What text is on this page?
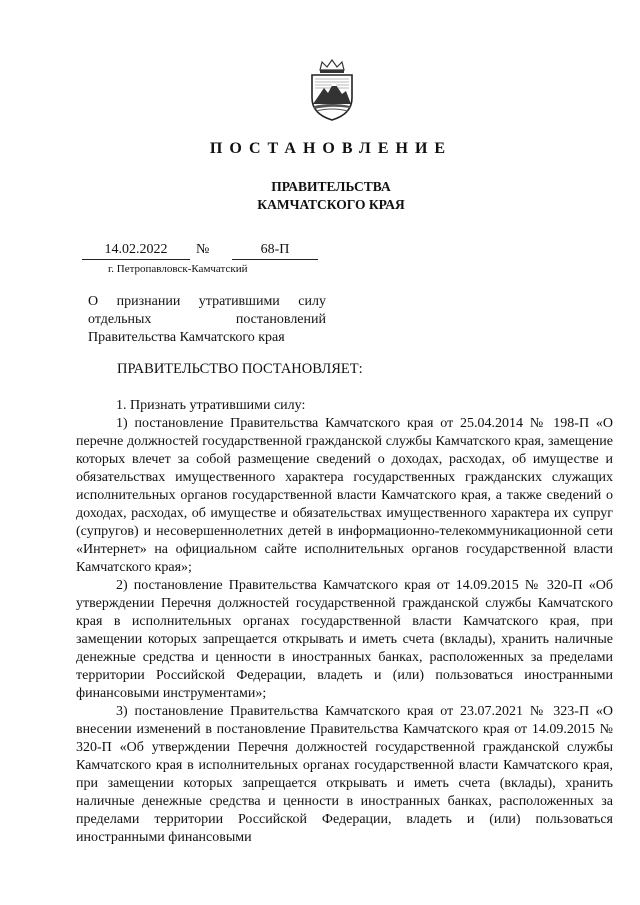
ПОСТАНОВЛЕНИЕ
ПРАВИТЕЛЬСТВА
КАМЧАТСКОГО КРАЯ
14.02.2022	№	68-П
г. Петропавловск-Камчатский
О признании утратившими силу отдельных постановлений Правительства Камчатского края
ПРАВИТЕЛЬСТВО ПОСТАНОВЛЯЕТ:

1. Признать утратившими силу:

1) постановление Правительства Камчатского края от 25.04.2014 № 198-П «О перечне должностей государственной гражданской службы Камчатского края, замещение которых влечет за собой размещение сведений о доходах, расходах, об имуществе и обязательствах имущественного характера государственных гражданских служащих исполнительных органов государственной власти Камчатского края, а также сведений о доходах, расходах, об имуществе и обязательствах имущественного характера их супруг (супругов) и несовершеннолетних детей в информационно-телекоммуникационной сети «Интернет» на официальном сайте исполнительных органов государственной власти Камчатского края»;

2) постановление Правительства Камчатского края от 14.09.2015 № 320-П «Об утверждении Перечня должностей государственной гражданской службы Камчатского края в исполнительных органах государственной власти Камчатского края, при замещении которых запрещается открывать и иметь счета (вклады), хранить наличные денежные средства и ценности в иностранных банках, расположенных за пределами территории Российской Федерации, владеть и (или) пользоваться иностранными финансовыми инструментами»;

3) постановление Правительства Камчатского края от 23.07.2021 № 323-П «О внесении изменений в постановление Правительства Камчатского края от 14.09.2015 № 320-П «Об утверждении Перечня должностей государственной гражданской службы Камчатского края в исполнительных органах государственной власти Камчатского края, при замещении которых запрещается открывать и иметь счета (вклады), хранить наличные денежные средства и ценности в иностранных банках, расположенных за пределами территории Российской Федерации, владеть и (или) пользоваться иностранными финансовыми
